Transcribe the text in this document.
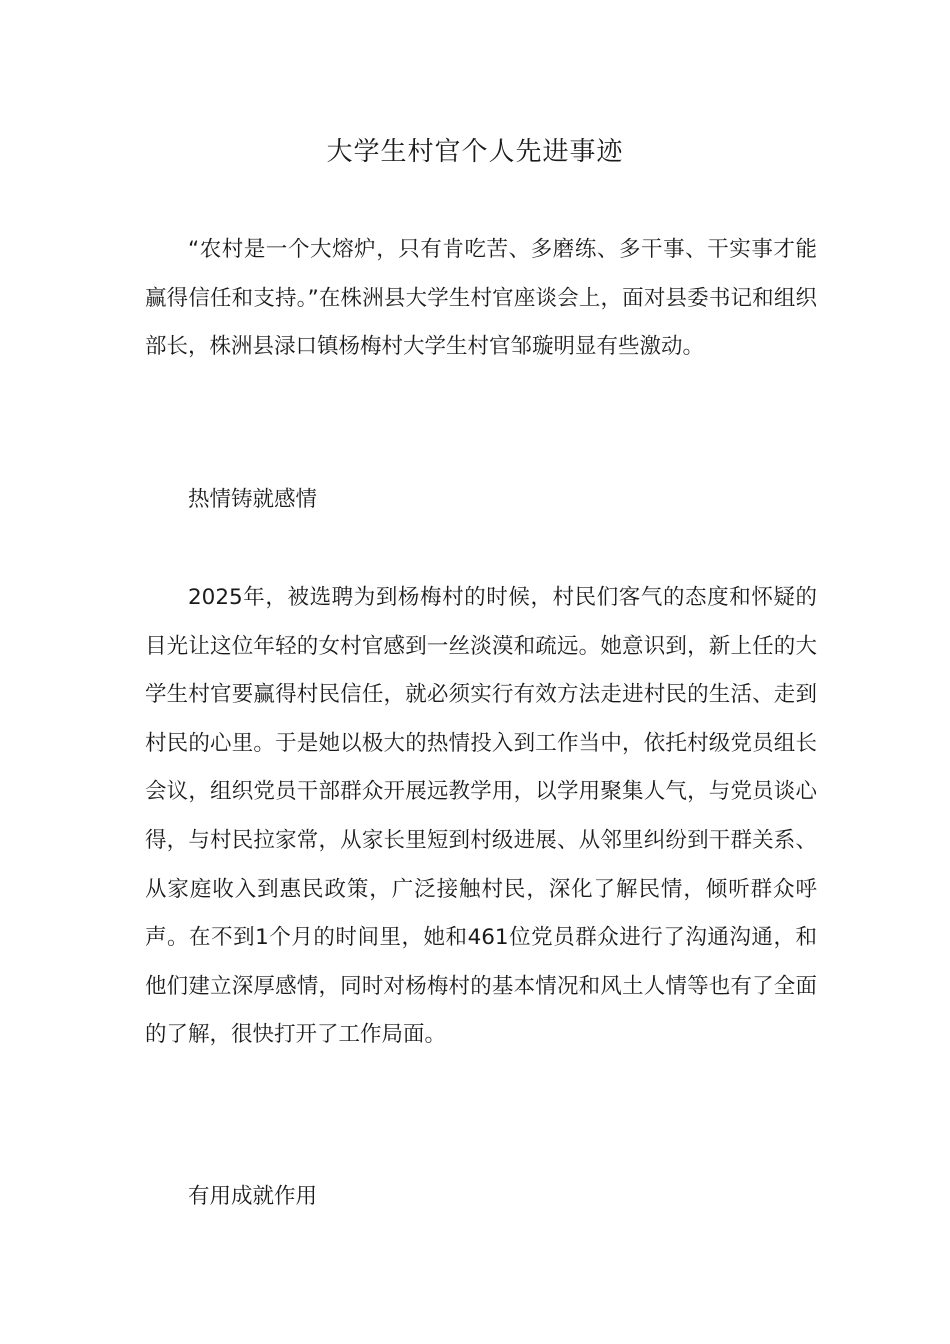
大学生村官个人先进事迹

“农村是一个大熔炉，只有肯吃苦、多磨练、多干事、干实事才能赢得信任和支持。”在株洲县大学生村官座谈会上，面对县委书记和组织部长，株洲县渌口镇杨梅村大学生村官邹璇明显有些激动。

热情铸就感情

2025年，被选聘为到杨梅村的时候，村民们客气的态度和怀疑的目光让这位年轻的女村官感到一丝淡漠和疏远。她意识到，新上任的大学生村官要赢得村民信任，就必须实行有效方法走进村民的生活、走到村民的心里。于是她以极大的热情投入到工作当中，依托村级党员组长会议，组织党员干部群众开展远教学用，以学用聚集人气，与党员谈心得，与村民拉家常，从家长里短到村级进展、从邻里纠纷到干群关系、从家庭收入到惠民政策，广泛接触村民，深化了解民情，倾听群众呼声。在不到1个月的时间里，她和461位党员群众进行了沟通沟通，和他们建立深厚感情，同时对杨梅村的基本情况和风土人情等也有了全面的了解，很快打开了工作局面。

有用成就作用
